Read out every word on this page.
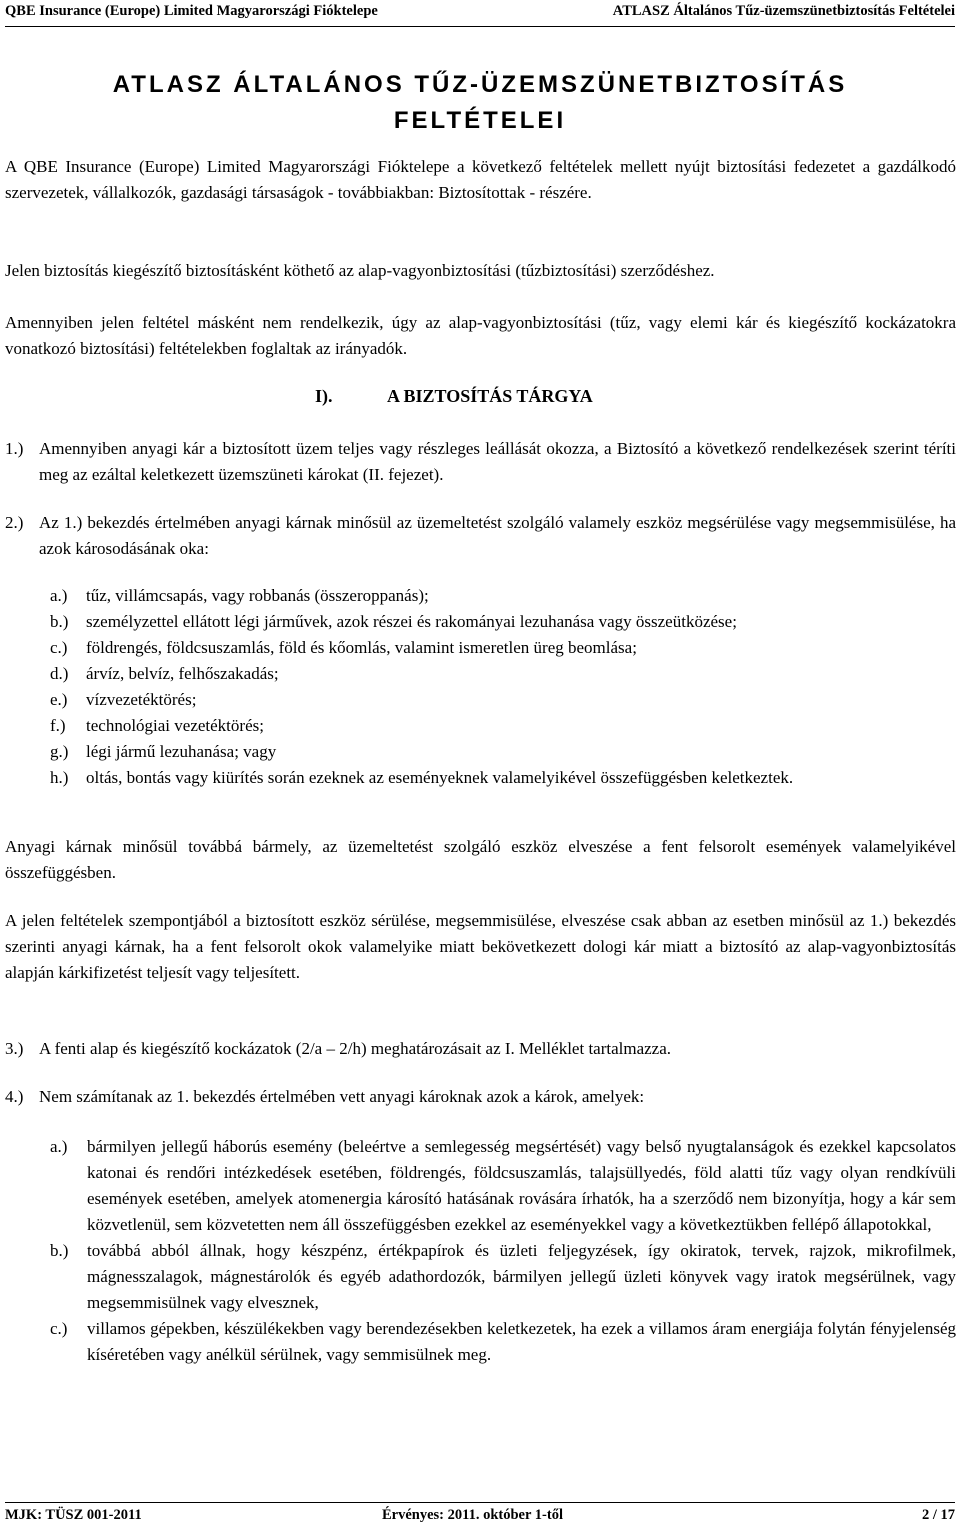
QBE Insurance (Europe) Limited Magyarországi Fióktelepe	ATLASZ Általános Tűz-üzemszünetbiztosítás Feltételei
ATLASZ ÁLTALÁNOS TŰZ-ÜZEMSZÜNETBIZTOSÍTÁS
FELTÉTELEI

A QBE Insurance (Europe) Limited Magyarországi Fióktelepe a következő feltételek mellett nyújt biztosítási fedezetet a gazdálkodó szervezetek, vállalkozók, gazdasági társaságok - továbbiakban: Biztosítottak - részére.

Jelen biztosítás kiegészítő biztosításként köthető az alap-vagyonbiztosítási (tűzbiztosítási) szerződéshez.

Amennyiben jelen feltétel másként nem rendelkezik, úgy az alap-vagyonbiztosítási (tűz, vagy elemi kár és kiegészítő kockázatokra vonatkozó biztosítási) feltételekben foglaltak az irányadók.

I).	A BIZTOSÍTÁS TÁRGYA
1.) Amennyiben anyagi kár a biztosított üzem teljes vagy részleges leállását okozza, a Biztosító a következő rendelkezések szerint téríti meg az ezáltal keletkezett üzemszüneti károkat (II. fejezet).
2.) Az 1.) bekezdés értelmében anyagi kárnak minősül az üzemeltetést szolgáló valamely eszköz megsérülése vagy megsemmisülése, ha azok károsodásának oka:
a.)	tűz, villámcsapás, vagy robbanás (összeroppanás);
b.)	személyzettel ellátott légi járművek, azok részei és rakományai lezuhanása vagy összeütközése;
c.)	földrengés, földcsuszamlás, föld és kőomlás, valamint ismeretlen üreg beomlása;
d.)	árvíz, belvíz, felhőszakadás;
e.)	vízvezetéktörés;
f.)	technológiai vezetéktörés;
g.)	légi jármű lezuhanása; vagy
h.)	oltás, bontás vagy kiürítés során ezeknek az eseményeknek valamelyikével összefüggésben keletkeztek.

Anyagi kárnak minősül továbbá bármely, az üzemeltetést szolgáló eszköz elveszése a fent felsorolt események valamelyikével összefüggésben.

A jelen feltételek szempontjából a biztosított eszköz sérülése, megsemmisülése, elveszése csak abban az esetben minősül az 1.) bekezdés szerinti anyagi kárnak, ha a fent felsorolt okok valamelyike miatt bekövetkezett dologi kár miatt a biztosító az alap-vagyonbiztosítás alapján kárkifizetést teljesít vagy teljesített.

3.) A fenti alap és kiegészítő kockázatok (2/a – 2/h) meghatározásait az I. Melléklet tartalmazza.
4.) Nem számítanak az 1. bekezdés értelmében vett anyagi károknak azok a károk, amelyek:
a.)	bármilyen jellegű háborús esemény (beleértve a semlegesség megsértését) vagy belső nyugtalanságok és ezekkel kapcsolatos katonai és rendőri intézkedések esetében, földrengés, földcsuszamlás, talajsüllyedés, föld alatti tűz vagy olyan rendkívüli események esetében, amelyek atomenergia károsító hatásának rovására írhatók, ha a szerződő nem bizonyítja, hogy a kár sem közvetlenül, sem közvetetten nem áll összefüggésben ezekkel az eseményekkel vagy a következtükben fellépő állapotokkal,
b.)	továbbá abból állnak, hogy készpénz, értékpapírok és üzleti feljegyzések, így okiratok, tervek, rajzok, mikrofilmek, mágnesszalagok, mágnestárolók és egyéb adathordozók, bármilyen jellegű üzleti könyvek vagy iratok megsérülnek, vagy megsemmisülnek vagy elvesznek,
c.)	villamos gépekben, készülékekben vagy berendezésekben keletkezetek, ha ezek a villamos áram energiája folytán fényjelenség kíséretében vagy anélkül sérülnek, vagy semmisülnek meg.
MJK: TÜSZ 001-2011	Érvényes: 2011. október 1-től	2 / 17
